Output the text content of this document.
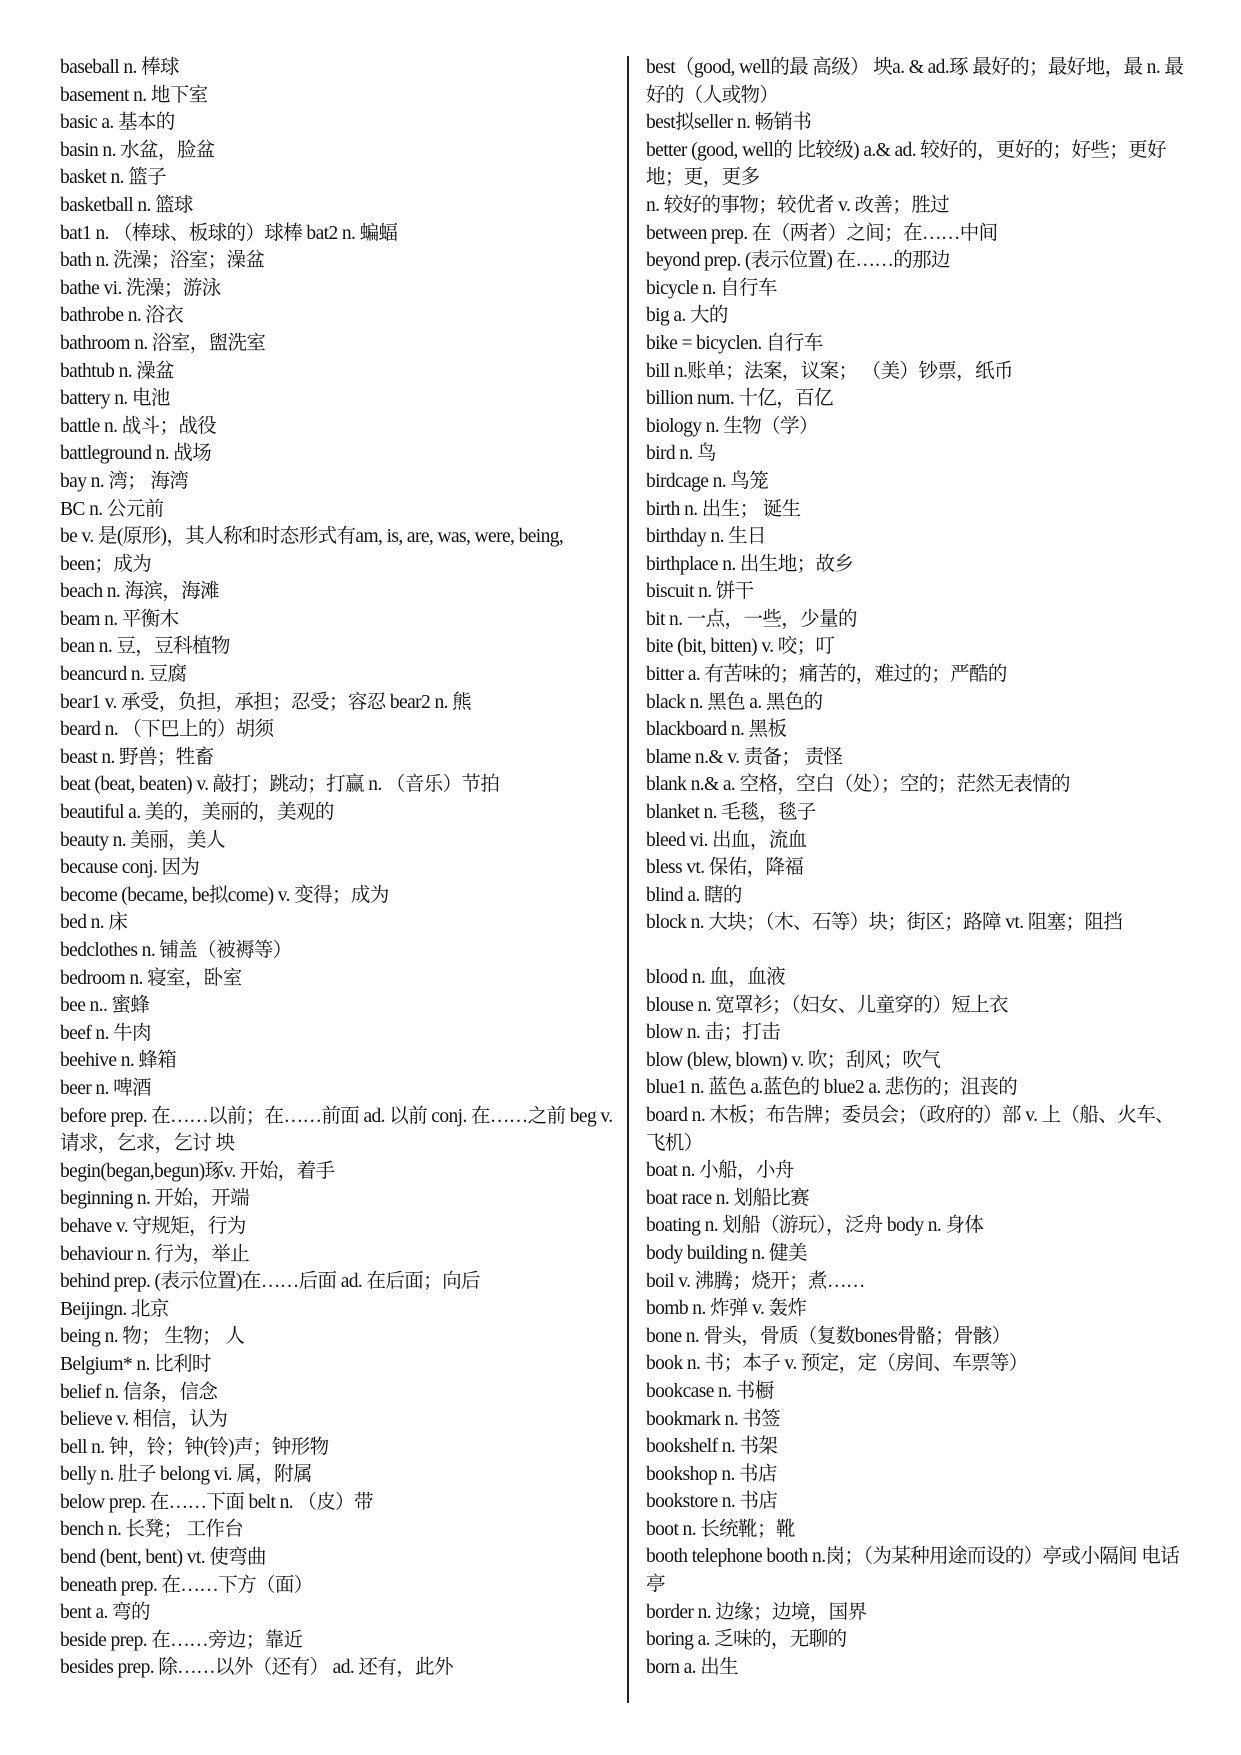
baseball n. 棒球
basement n. 地下室
basic a. 基本的
basin n. 水盆，脸盆
basket n. 篮子
basketball n. 篮球
bat1 n. （棒球、板球的）球棒 bat2 n. 蝙蝠
bath n. 洗澡；浴室；澡盆
bathe vi. 洗澡；游泳
bathrobe n. 浴衣
bathroom n. 浴室，盥洗室
bathtub n. 澡盆
battery n. 电池
battle n. 战斗；战役
battleground n. 战场
bay n. 湾； 海湾
BC n. 公元前
be v. 是(原形)，其人称和时态形式有am, is, are, was, were, being, been；成为
beach n. 海滨，海滩
beam n. 平衡木
bean n. 豆，豆科植物
beancurd n. 豆腐
bear1 v. 承受，负担，承担；忍受；容忍 bear2 n. 熊
beard n. （下巴上的）胡须
beast n. 野兽；牲畜
beat (beat, beaten) v. 敲打；跳动；打赢 n. （音乐）节拍
beautiful a. 美的，美丽的，美观的
beauty n. 美丽，美人
because conj. 因为
become (became, be拟come) v. 变得；成为
bed n. 床
bedclothes n. 铺盖（被褥等）
bedroom n. 寝室，卧室
bee n.. 蜜蜂
beef n. 牛肉
beehive n. 蜂箱
beer n. 啤酒
before prep. 在……以前；在……前面 ad. 以前 conj. 在……之前 beg v. 请求，乞求，乞讨 坱
begin(began,begun)琢v. 开始，着手
beginning n. 开始，开端
behave v. 守规矩，行为
behaviour n. 行为，举止
behind prep. (表示位置)在……后面 ad. 在后面；向后
Beijingn. 北京
being n. 物； 生物； 人
Belgium* n. 比利时
belief n. 信条，信念
believe v. 相信，认为
bell n. 钟，铃；钟(铃)声；钟形物
belly n. 肚子 belong vi. 属，附属
below prep. 在……下面 belt n. （皮）带
bench n. 长凳； 工作台
bend (bent, bent) vt. 使弯曲
beneath prep. 在……下方（面）
bent a. 弯的
beside prep. 在……旁边；靠近
besides prep. 除……以外（还有） ad. 还有，此外
best（good, well的最 高级） 坱a. & ad.琢 最好的；最好地，最 n. 最好的（人或物）
best拟seller n. 畅销书
better (good, well的 比较级) a.& ad. 较好的，更好的；好些；更好地；更，更多
n. 较好的事物；较优者 v. 改善；胜过
between prep. 在（两者）之间；在……中间
beyond prep. (表示位置) 在……的那边
bicycle n. 自行车
big a. 大的
bike = bicyclen. 自行车
bill n.账单；法案，议案； （美）钞票，纸币
billion num. 十亿，百亿
biology n. 生物（学）
bird n. 鸟
birdcage n. 鸟笼
birth n. 出生； 诞生
birthday n. 生日
birthplace n. 出生地；故乡
biscuit n. 饼干
bit n. 一点，一些，少量的
bite (bit, bitten) v. 咬；叮
bitter a. 有苦味的；痛苦的，难过的；严酷的
black n. 黑色 a. 黑色的
blackboard n. 黑板
blame n.& v. 责备； 责怪
blank n.& a. 空格，空白（处）；空的；茫然无表情的
blanket n. 毛毯，毯子
bleed vi. 出血，流血
bless vt. 保佑，降福
blind a. 瞎的
block n. 大块；（木、石等）块；街区；路障 vt. 阻塞；阻挡
blood n. 血，血液
blouse n. 宽罩衫；（妇女、儿童穿的）短上衣
blow n. 击；打击
blow (blew, blown) v. 吹；刮风；吹气
blue1 n. 蓝色 a.蓝色的 blue2 a. 悲伤的；沮丧的
board n. 木板；布告牌；委员会；（政府的）部 v. 上（船、火车、飞机）
boat n. 小船，小舟
boat race n. 划船比赛
boating n. 划船（游玩），泛舟 body n. 身体
body building n. 健美
boil v. 沸腾；烧开；煮……
bomb n. 炸弹 v. 轰炸
bone n. 骨头，骨质（复数bones骨骼；骨骸）
book n. 书；本子 v. 预定，定（房间、车票等）
bookcase n. 书橱
bookmark n. 书签
bookshelf n. 书架
bookshop n. 书店
bookstore n. 书店
boot n. 长统靴；靴
booth telephone booth n.岗；（为某种用途而设的）亭或小隔间 电话亭
border n. 边缘；边境，国界
boring a. 乏味的，无聊的
born a. 出生
